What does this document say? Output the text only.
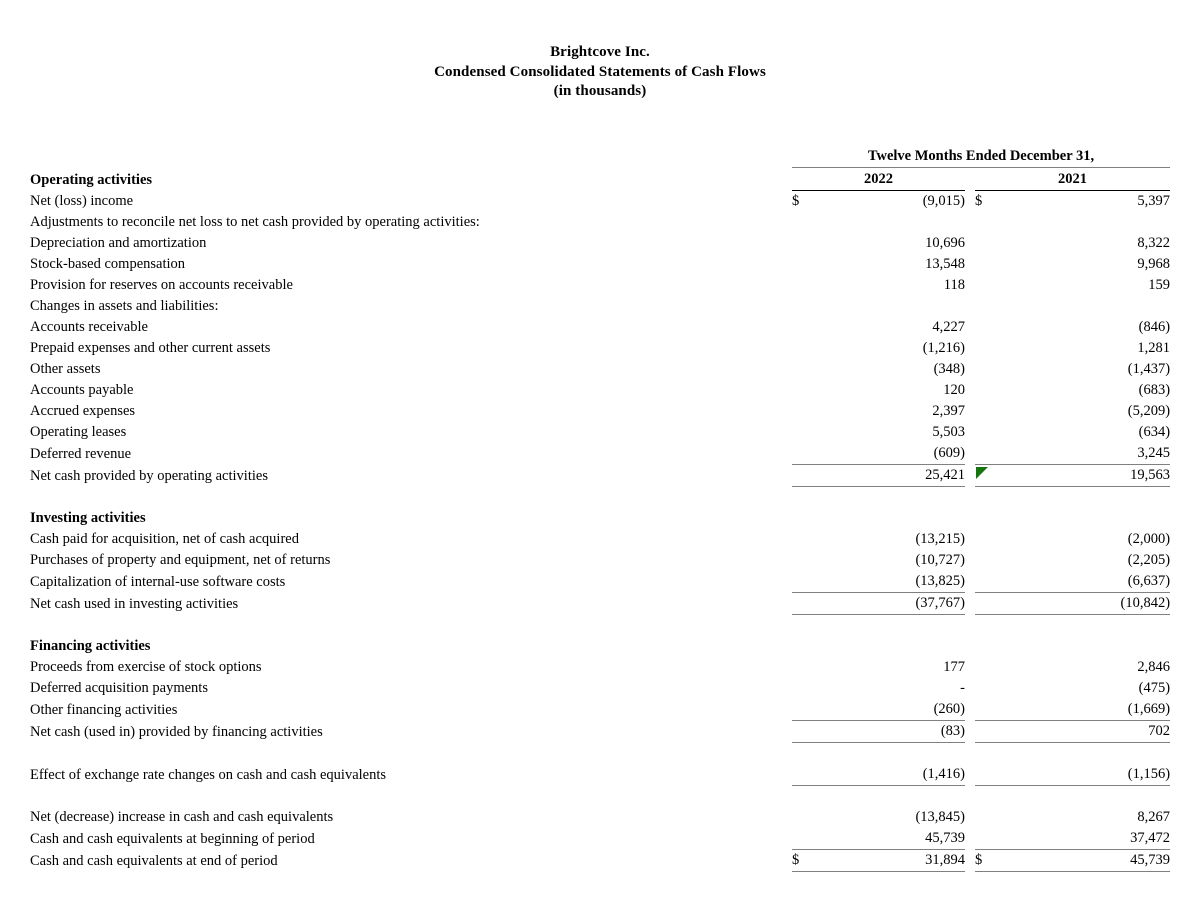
Brightcove Inc.
Condensed Consolidated Statements of Cash Flows
(in thousands)
	Twelve Months Ended December 31,				
Operating activities	2022			2021	
Net (loss) income	$	(9,015)		$	5,397
Adjustments to reconcile net loss to net cash provided by operating activities:					
Depreciation and amortization		10,696			8,322
Stock-based compensation		13,548			9,968
Provision for reserves on accounts receivable		118			159
Changes in assets and liabilities:					
Accounts receivable		4,227			(846)
Prepaid expenses and other current assets		(1,216)			1,281
Other assets		(348)			(1,437)
Accounts payable		120			(683)
Accrued expenses		2,397			(5,209)
Operating leases		5,503			(634)
Deferred revenue		(609)			3,245
Net cash provided by operating activities		25,421			19,563

Investing activities					
Cash paid for acquisition, net of cash acquired		(13,215)			(2,000)
Purchases of property and equipment, net of returns		(10,727)			(2,205)
Capitalization of internal-use software costs		(13,825)			(6,637)
Net cash used in investing activities		(37,767)			(10,842)

Financing activities					
Proceeds from exercise of stock options		177			2,846
Deferred acquisition payments		-			(475)
Other financing activities		(260)			(1,669)
Net cash (used in) provided by financing activities		(83)			702

Effect of exchange rate changes on cash and cash equivalents		(1,416)			(1,156)

Net (decrease) increase in cash and cash equivalents		(13,845)			8,267
Cash and cash equivalents at beginning of period		45,739			37,472
Cash and cash equivalents at end of period	$	31,894		$	45,739
